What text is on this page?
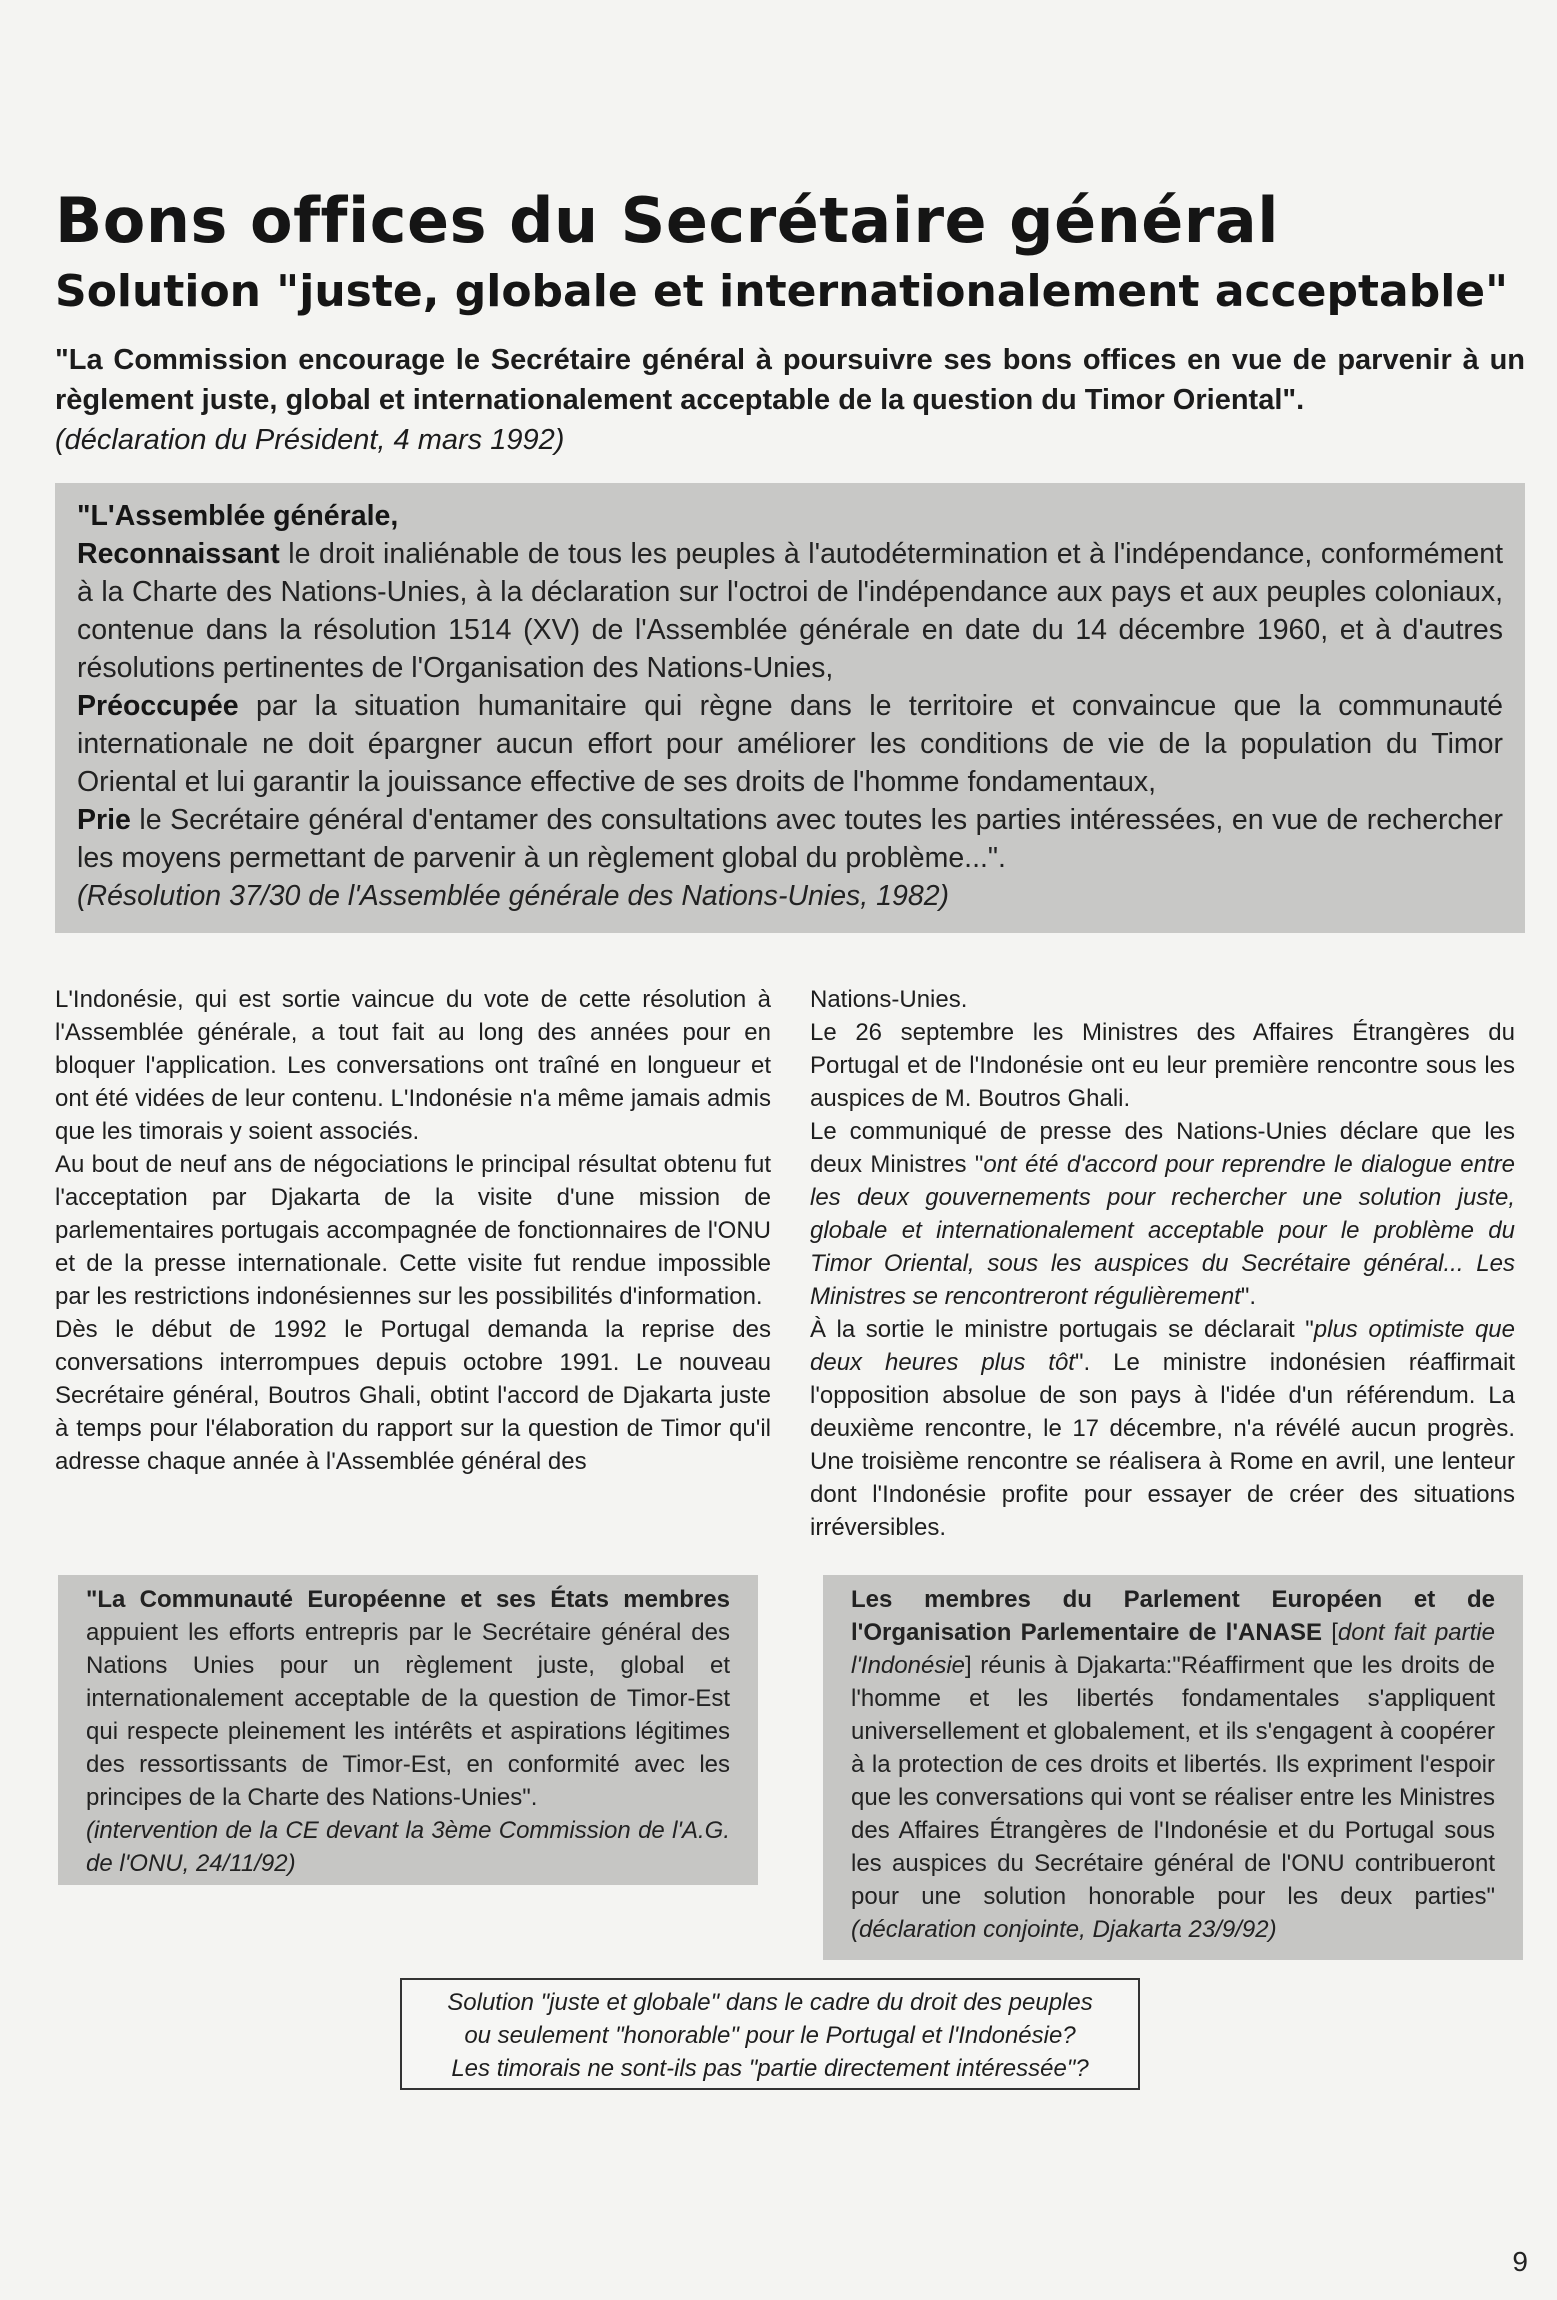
Bons offices du Secrétaire général
Solution "juste, globale et internationalement acceptable"
"La Commission encourage le Secrétaire général à poursuivre ses bons offices en vue de parvenir à un règlement juste, global et internationalement acceptable de la question du Timor Oriental".
(déclaration du Président, 4 mars 1992)
"L'Assemblée générale,
Reconnaissant le droit inaliénable de tous les peuples à l'autodétermination et à l'indépendance, conformément à la Charte des Nations-Unies, à la déclaration sur l'octroi de l'indépendance aux pays et aux peuples coloniaux, contenue dans la résolution 1514 (XV) de l'Assemblée générale en date du 14 décembre 1960, et à d'autres résolutions pertinentes de l'Organisation des Nations-Unies,
Préoccupée par la situation humanitaire qui règne dans le territoire et convaincue que la communauté internationale ne doit épargner aucun effort pour améliorer les conditions de vie de la population du Timor Oriental et lui garantir la jouissance effective de ses droits de l'homme fondamentaux,
Prie le Secrétaire général d'entamer des consultations avec toutes les parties intéressées, en vue de rechercher les moyens permettant de parvenir à un règlement global du problème...".
(Résolution 37/30 de l'Assemblée générale des Nations-Unies, 1982)
L'Indonésie, qui est sortie vaincue du vote de cette résolution à l'Assemblée générale, a tout fait au long des années pour en bloquer l'application. Les conversations ont traîné en longueur et ont été vidées de leur contenu. L'Indonésie n'a même jamais admis que les timorais y soient associés.
Au bout de neuf ans de négociations le principal résultat obtenu fut l'acceptation par Djakarta de la visite d'une mission de parlementaires portugais accompagnée de fonctionnaires de l'ONU et de la presse internationale. Cette visite fut rendue impossible par les restrictions indonésiennes sur les possibilités d'information.
Dès le début de 1992 le Portugal demanda la reprise des conversations interrompues depuis octobre 1991. Le nouveau Secrétaire général, Boutros Ghali, obtint l'accord de Djakarta juste à temps pour l'élaboration du rapport sur la question de Timor qu'il adresse chaque année à l'Assemblée général des
Nations-Unies.
Le 26 septembre les Ministres des Affaires Étrangères du Portugal et de l'Indonésie ont eu leur première rencontre sous les auspices de M. Boutros Ghali.
Le communiqué de presse des Nations-Unies déclare que les deux Ministres "ont été d'accord pour reprendre le dialogue entre les deux gouvernements pour rechercher une solution juste, globale et internationalement acceptable pour le problème du Timor Oriental, sous les auspices du Secrétaire général... Les Ministres se rencontreront régulièrement".
À la sortie le ministre portugais se déclarait "plus optimiste que deux heures plus tôt". Le ministre indonésien réaffirmait l'opposition absolue de son pays à l'idée d'un référendum. La deuxième rencontre, le 17 décembre, n'a révélé aucun progrès. Une troisième rencontre se réalisera à Rome en avril, une lenteur dont l'Indonésie profite pour essayer de créer des situations irréversibles.
"La Communauté Européenne et ses États membres appuient les efforts entrepris par le Secrétaire général des Nations Unies pour un règlement juste, global et internationalement acceptable de la question de Timor-Est qui respecte pleinement les intérêts et aspirations légitimes des ressortissants de Timor-Est, en conformité avec les principes de la Charte des Nations-Unies".
(intervention de la CE devant la 3ème Commission de l'A.G. de l'ONU, 24/11/92)
Les membres du Parlement Européen et de l'Organisation Parlementaire de l'ANASE [dont fait partie l'Indonésie] réunis à Djakarta:"Réaffirment que les droits de l'homme et les libertés fondamentales s'appliquent universellement et globalement, et ils s'engagent à coopérer à la protection de ces droits et libertés. Ils expriment l'espoir que les conversations qui vont se réaliser entre les Ministres des Affaires Étrangères de l'Indonésie et du Portugal sous les auspices du Secrétaire général de l'ONU contribueront pour une solution honorable pour les deux parties" (déclaration conjointe, Djakarta 23/9/92)
Solution "juste et globale" dans le cadre du droit des peuples
ou seulement "honorable" pour le Portugal et l'Indonésie?
Les timorais ne sont-ils pas "partie directement intéressée"?
9
